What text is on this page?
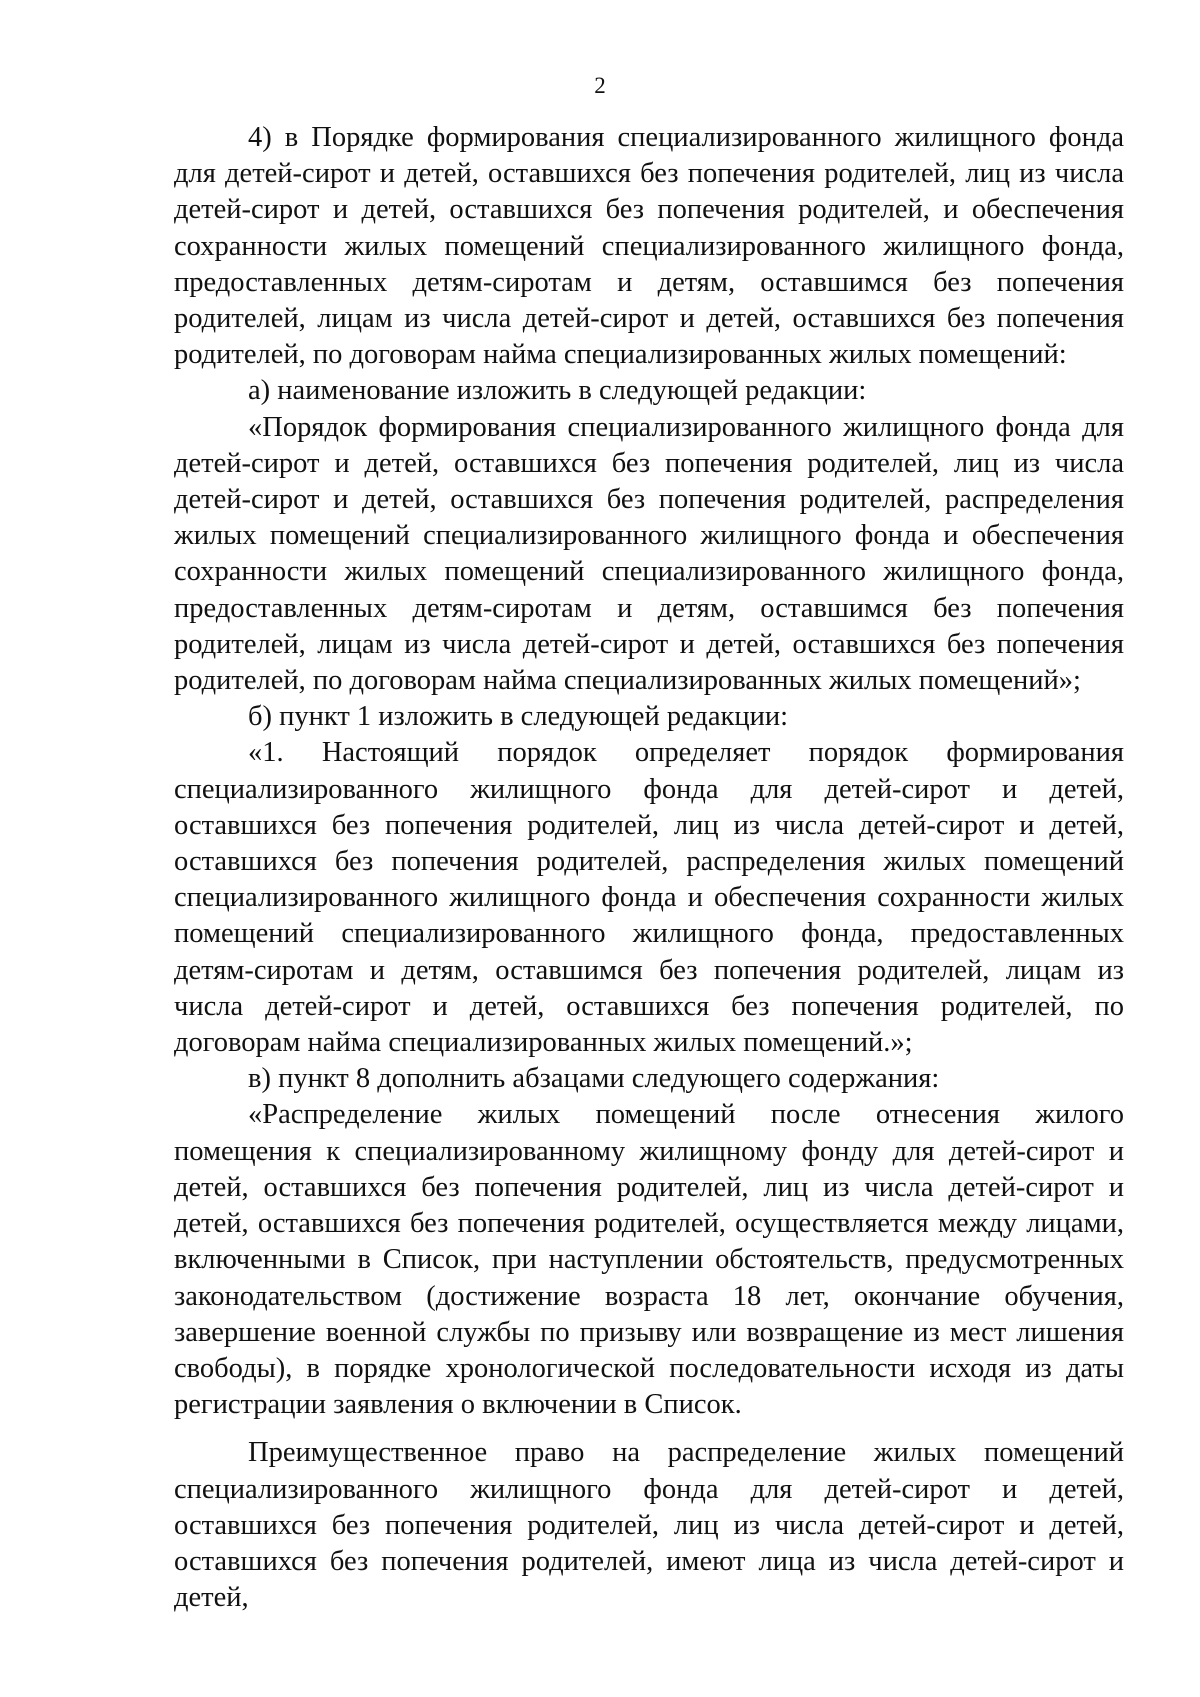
2

4) в Порядке формирования специализированного жилищного фонда для детей-сирот и детей, оставшихся без попечения родителей, лиц из числа детей-сирот и детей, оставшихся без попечения родителей, и обеспечения сохранности жилых помещений специализированного жилищного фонда, предоставленных детям-сиротам и детям, оставшимся без попечения родителей, лицам из числа детей-сирот и детей, оставшихся без попечения родителей, по договорам найма специализированных жилых помещений:

а) наименование изложить в следующей редакции:

«Порядок формирования специализированного жилищного фонда для детей-сирот и детей, оставшихся без попечения родителей, лиц из числа детей-сирот и детей, оставшихся без попечения родителей, распределения жилых помещений специализированного жилищного фонда и обеспечения сохранности жилых помещений специализированного жилищного фонда, предоставленных детям-сиротам и детям, оставшимся без попечения родителей, лицам из числа детей-сирот и детей, оставшихся без попечения родителей, по договорам найма специализированных жилых помещений»;

б) пункт 1 изложить в следующей редакции:

«1. Настоящий порядок определяет порядок формирования специализированного жилищного фонда для детей-сирот и детей, оставшихся без попечения родителей, лиц из числа детей-сирот и детей, оставшихся без попечения родителей, распределения жилых помещений специализированного жилищного фонда и обеспечения сохранности жилых помещений специализированного жилищного фонда, предоставленных детям-сиротам и детям, оставшимся без попечения родителей, лицам из числа детей-сирот и детей, оставшихся без попечения родителей, по договорам найма специализированных жилых помещений.»;

в) пункт 8 дополнить абзацами следующего содержания:

«Распределение жилых помещений после отнесения жилого помещения к специализированному жилищному фонду для детей-сирот и детей, оставшихся без попечения родителей, лиц из числа детей-сирот и детей, оставшихся без попечения родителей, осуществляется между лицами, включенными в Список, при наступлении обстоятельств, предусмотренных законодательством (достижение возраста 18 лет, окончание обучения, завершение военной службы по призыву или возвращение из мест лишения свободы), в порядке хронологической последовательности исходя из даты регистрации заявления о включении в Список.

Преимущественное право на распределение жилых помещений специализированного жилищного фонда для детей-сирот и детей, оставшихся без попечения родителей, лиц из числа детей-сирот и детей, оставшихся без попечения родителей, имеют лица из числа детей-сирот и детей,
